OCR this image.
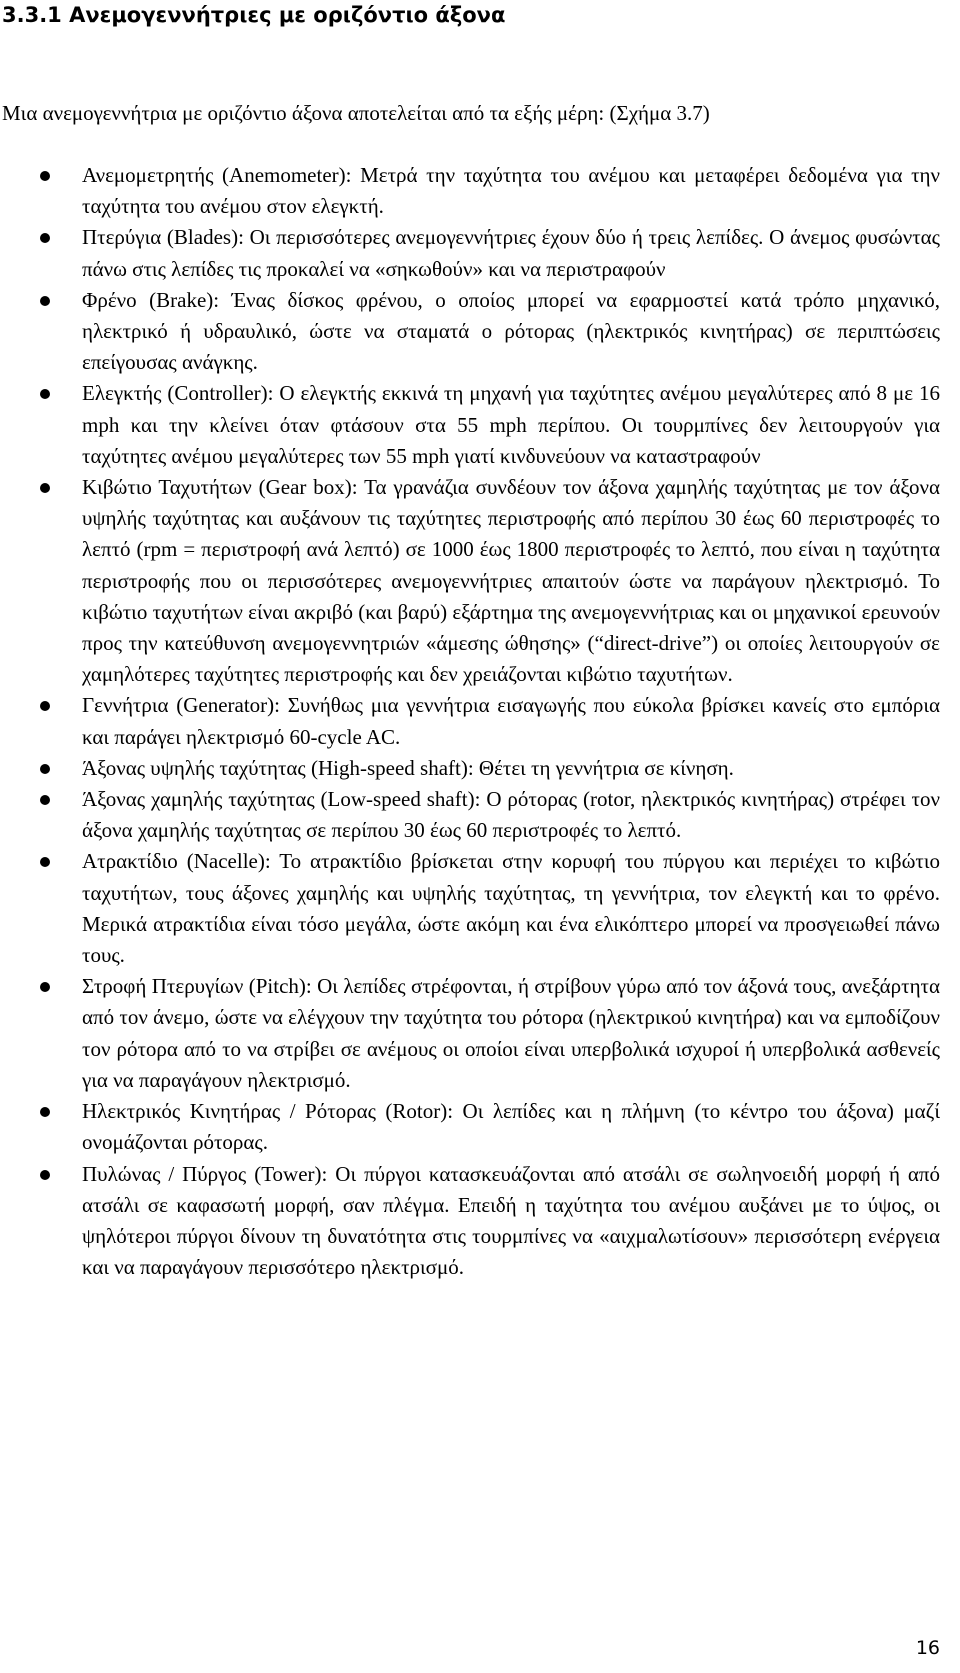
3.3.1 Ανεμογεννήτριες με οριζόντιο άξονα

Μια ανεμογεννήτρια με οριζόντιο άξονα αποτελείται από τα εξής μέρη: (Σχήμα 3.7)

Ανεμομετρητής (Anemometer): Μετρά την ταχύτητα του ανέμου και μεταφέρει δεδομένα για την ταχύτητα του ανέμου στον ελεγκτή.
Πτερύγια (Blades): Οι περισσότερες ανεμογεννήτριες έχουν δύο ή τρεις λεπίδες. Ο άνεμος φυσώντας πάνω στις λεπίδες τις προκαλεί να «σηκωθούν» και να περιστραφούν
Φρένο (Brake): Ένας δίσκος φρένου, ο οποίος μπορεί να εφαρμοστεί κατά τρόπο μηχανικό, ηλεκτρικό ή υδραυλικό, ώστε να σταματά ο ρότορας (ηλεκτρικός κινητήρας) σε περιπτώσεις επείγουσας ανάγκης.
Ελεγκτής (Controller): Ο ελεγκτής εκκινά τη μηχανή για ταχύτητες ανέμου μεγαλύτερες από 8 με 16 mph και την κλείνει όταν φτάσουν στα 55 mph περίπου. Οι τουρμπίνες δεν λειτουργούν για ταχύτητες ανέμου μεγαλύτερες των 55 mph γιατί κινδυνεύουν να καταστραφούν
Κιβώτιο Ταχυτήτων (Gear box): Τα γρανάζια συνδέουν τον άξονα χαμηλής ταχύτητας με τον άξονα υψηλής ταχύτητας και αυξάνουν τις ταχύτητες περιστροφής από περίπου 30 έως 60 περιστροφές το λεπτό (rpm = περιστροφή ανά λεπτό) σε 1000 έως 1800 περιστροφές το λεπτό, που είναι η ταχύτητα περιστροφής που οι περισσότερες ανεμογεννήτριες απαιτούν ώστε να παράγουν ηλεκτρισμό. Το κιβώτιο ταχυτήτων είναι ακριβό (και βαρύ) εξάρτημα της ανεμογεννήτριας και οι μηχανικοί ερευνούν προς την κατεύθυνση ανεμογεννητριών «άμεσης ώθησης» (“direct-drive”) οι οποίες λειτουργούν σε χαμηλότερες ταχύτητες περιστροφής και δεν χρειάζονται κιβώτιο ταχυτήτων.
Γεννήτρια (Generator): Συνήθως μια γεννήτρια εισαγωγής που εύκολα βρίσκει κανείς στο εμπόρια και παράγει ηλεκτρισμό 60-cycle AC.
Άξονας υψηλής ταχύτητας (High-speed shaft): Θέτει τη γεννήτρια σε κίνηση.
Άξονας χαμηλής ταχύτητας (Low-speed shaft): Ο ρότορας (rotor, ηλεκτρικός κινητήρας) στρέφει τον άξονα χαμηλής ταχύτητας σε περίπου 30 έως 60 περιστροφές το λεπτό.
Ατρακτίδιο (Nacelle): Το ατρακτίδιο βρίσκεται στην κορυφή του πύργου και περιέχει το κιβώτιο ταχυτήτων, τους άξονες χαμηλής και υψηλής ταχύτητας, τη γεννήτρια, τον ελεγκτή και το φρένο. Μερικά ατρακτίδια είναι τόσο μεγάλα, ώστε ακόμη και ένα ελικόπτερο μπορεί να προσγειωθεί πάνω τους.
Στροφή Πτερυγίων (Pitch): Οι λεπίδες στρέφονται, ή στρίβουν γύρω από τον άξονά τους, ανεξάρτητα από τον άνεμο, ώστε να ελέγχουν την ταχύτητα του ρότορα (ηλεκτρικού κινητήρα) και να εμποδίζουν τον ρότορα από το να στρίβει σε ανέμους οι οποίοι είναι υπερβολικά ισχυροί ή υπερβολικά ασθενείς για να παραγάγουν ηλεκτρισμό.
Ηλεκτρικός Κινητήρας / Ρότορας (Rotor): Οι λεπίδες και η πλήμνη (το κέντρο του άξονα) μαζί ονομάζονται ρότορας.
Πυλώνας / Πύργος (Tower): Οι πύργοι κατασκευάζονται από ατσάλι σε σωληνοειδή μορφή ή από ατσάλι σε καφασωτή μορφή, σαν πλέγμα. Επειδή η ταχύτητα του ανέμου αυξάνει με το ύψος, οι ψηλότεροι πύργοι δίνουν τη δυνατότητα στις τουρμπίνες να «αιχμαλωτίσουν» περισσότερη ενέργεια και να παραγάγουν περισσότερο ηλεκτρισμό.
16
